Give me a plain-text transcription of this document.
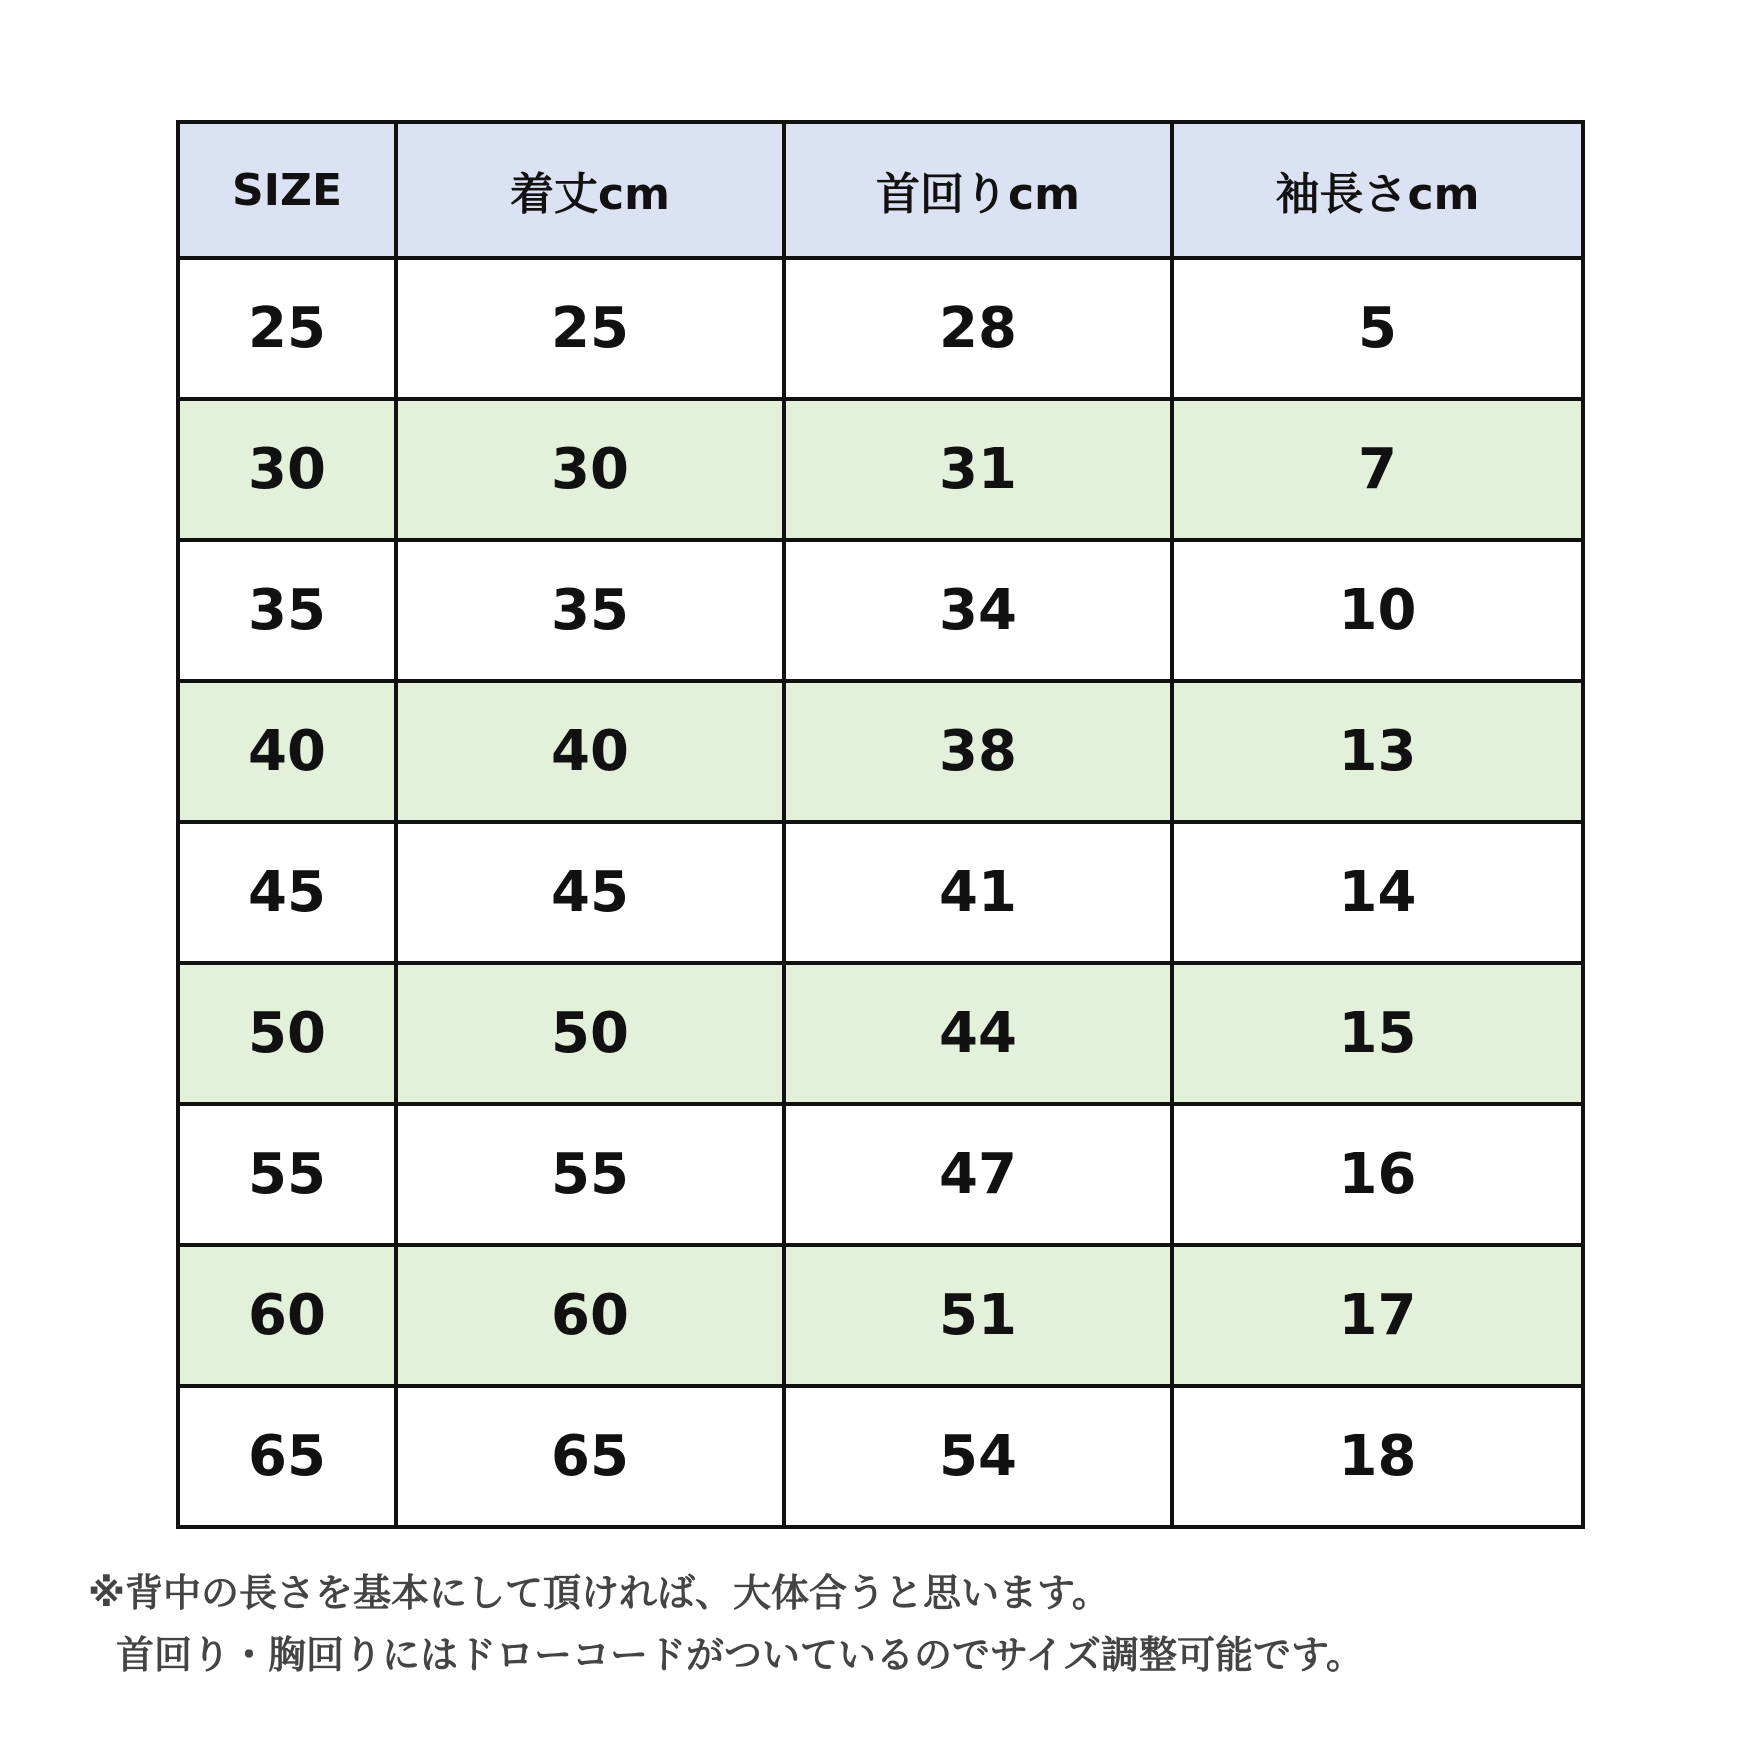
SIZE	着丈cm	首回りcm	袖長さcm
25	25	28	5
30	30	31	7
35	35	34	10
40	40	38	13
45	45	41	14
50	50	44	15
55	55	47	16
60	60	51	17
65	65	54	18
※背中の長さを基本にして頂ければ、大体合うと思います。
首回り・胸回りにはドローコードがついているのでサイズ調整可能です。
